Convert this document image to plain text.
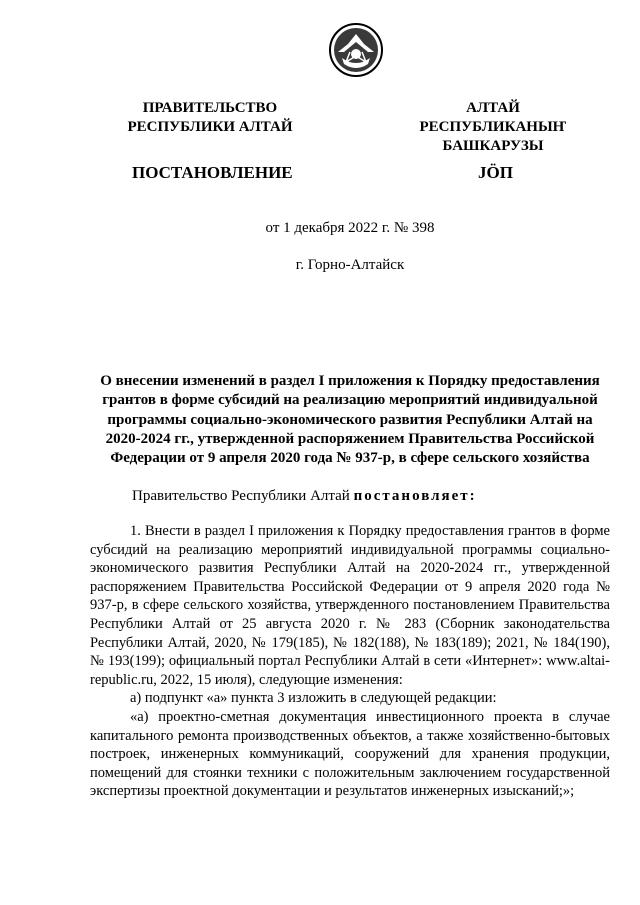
ПРАВИТЕЛЬСТВО
РЕСПУБЛИКИ АЛТАЙ
АЛТАЙ РЕСПУБЛИКАНЫҤ
БАШКАРУЗЫ
ПОСТАНОВЛЕНИЕ	JÖП
от 1 декабря 2022 г. № 398
г. Горно-Алтайск
О внесении изменений в раздел I приложения к Порядку предоставления грантов в форме субсидий на реализацию мероприятий индивидуальной программы социально-экономического развития Республики Алтай на 2020-2024 гг., утвержденной распоряжением Правительства Российской Федерации от 9 апреля 2020 года № 937-р, в сфере сельского хозяйства
Правительство Республики Алтай постановляет:

1. Внести в раздел I приложения к Порядку предоставления грантов в форме субсидий на реализацию мероприятий индивидуальной программы социально-экономического развития Республики Алтай на 2020-2024 гг., утвержденной распоряжением Правительства Российской Федерации от 9 апреля 2020 года № 937-р, в сфере сельского хозяйства, утвержденного постановлением Правительства Республики Алтай от 25 августа 2020 г. № 283 (Сборник законодательства Республики Алтай, 2020, № 179(185), № 182(188), № 183(189); 2021, № 184(190), № 193(199); официальный портал Республики Алтай в сети «Интернет»: www.altai-republic.ru, 2022, 15 июля), следующие изменения:

а) подпункт «а» пункта 3 изложить в следующей редакции:

«а) проектно-сметная документация инвестиционного проекта в случае капитального ремонта производственных объектов, а также хозяйственно-бытовых построек, инженерных коммуникаций, сооружений для хранения продукции, помещений для стоянки техники с положительным заключением государственной экспертизы проектной документации и результатов инженерных изысканий;»;
